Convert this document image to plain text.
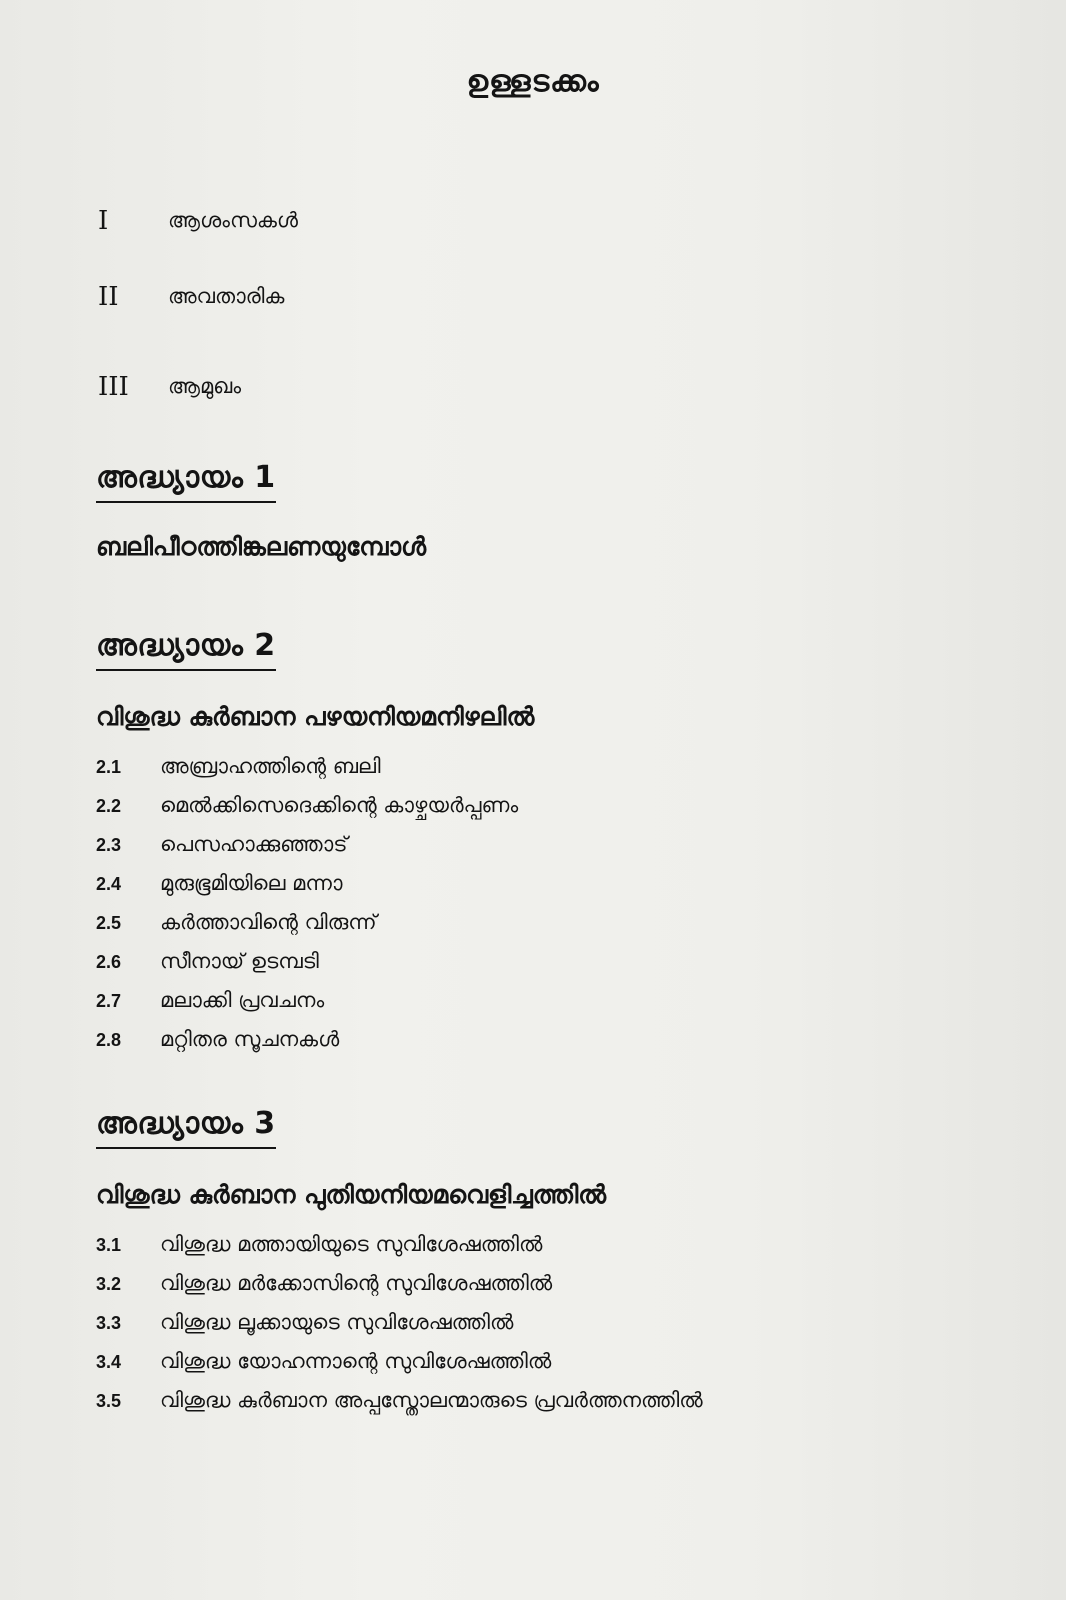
ഉള്ളടക്കം
I	ആശംസകൾ
II	അവതാരിക
III	ആമുഖം
അദ്ധ്യായം 1
ബലിപീഠത്തിങ്കലണയുമ്പോൾ
അദ്ധ്യായം 2
വിശുദ്ധ കുർബാന പഴയനിയമനിഴലിൽ
2.1	അബ്രാഹത്തിന്റെ ബലി
2.2	മെൽക്കിസെദെക്കിന്റെ കാഴ്ചയർപ്പണം
2.3	പെസഹാക്കുഞ്ഞാട്
2.4	മുരുഭൂമിയിലെ മന്നാ
2.5	കർത്താവിന്റെ വിരുന്ന്
2.6	സീനായ് ഉടമ്പടി
2.7	മലാക്കി പ്രവചനം
2.8	മറ്റിതര സൂചനകൾ
അദ്ധ്യായം 3
വിശുദ്ധ കുർബാന പുതിയനിയമവെളിച്ചത്തിൽ
3.1	വിശുദ്ധ മത്തായിയുടെ സുവിശേഷത്തിൽ
3.2	വിശുദ്ധ മർക്കോസിന്റെ സുവിശേഷത്തിൽ
3.3	വിശുദ്ധ ലൂക്കായുടെ സുവിശേഷത്തിൽ
3.4	വിശുദ്ധ യോഹന്നാന്റെ സുവിശേഷത്തിൽ
3.5	വിശുദ്ധ കുർബാന അപ്പസ്തോലന്മാരുടെ പ്രവർത്തനത്തിൽ
